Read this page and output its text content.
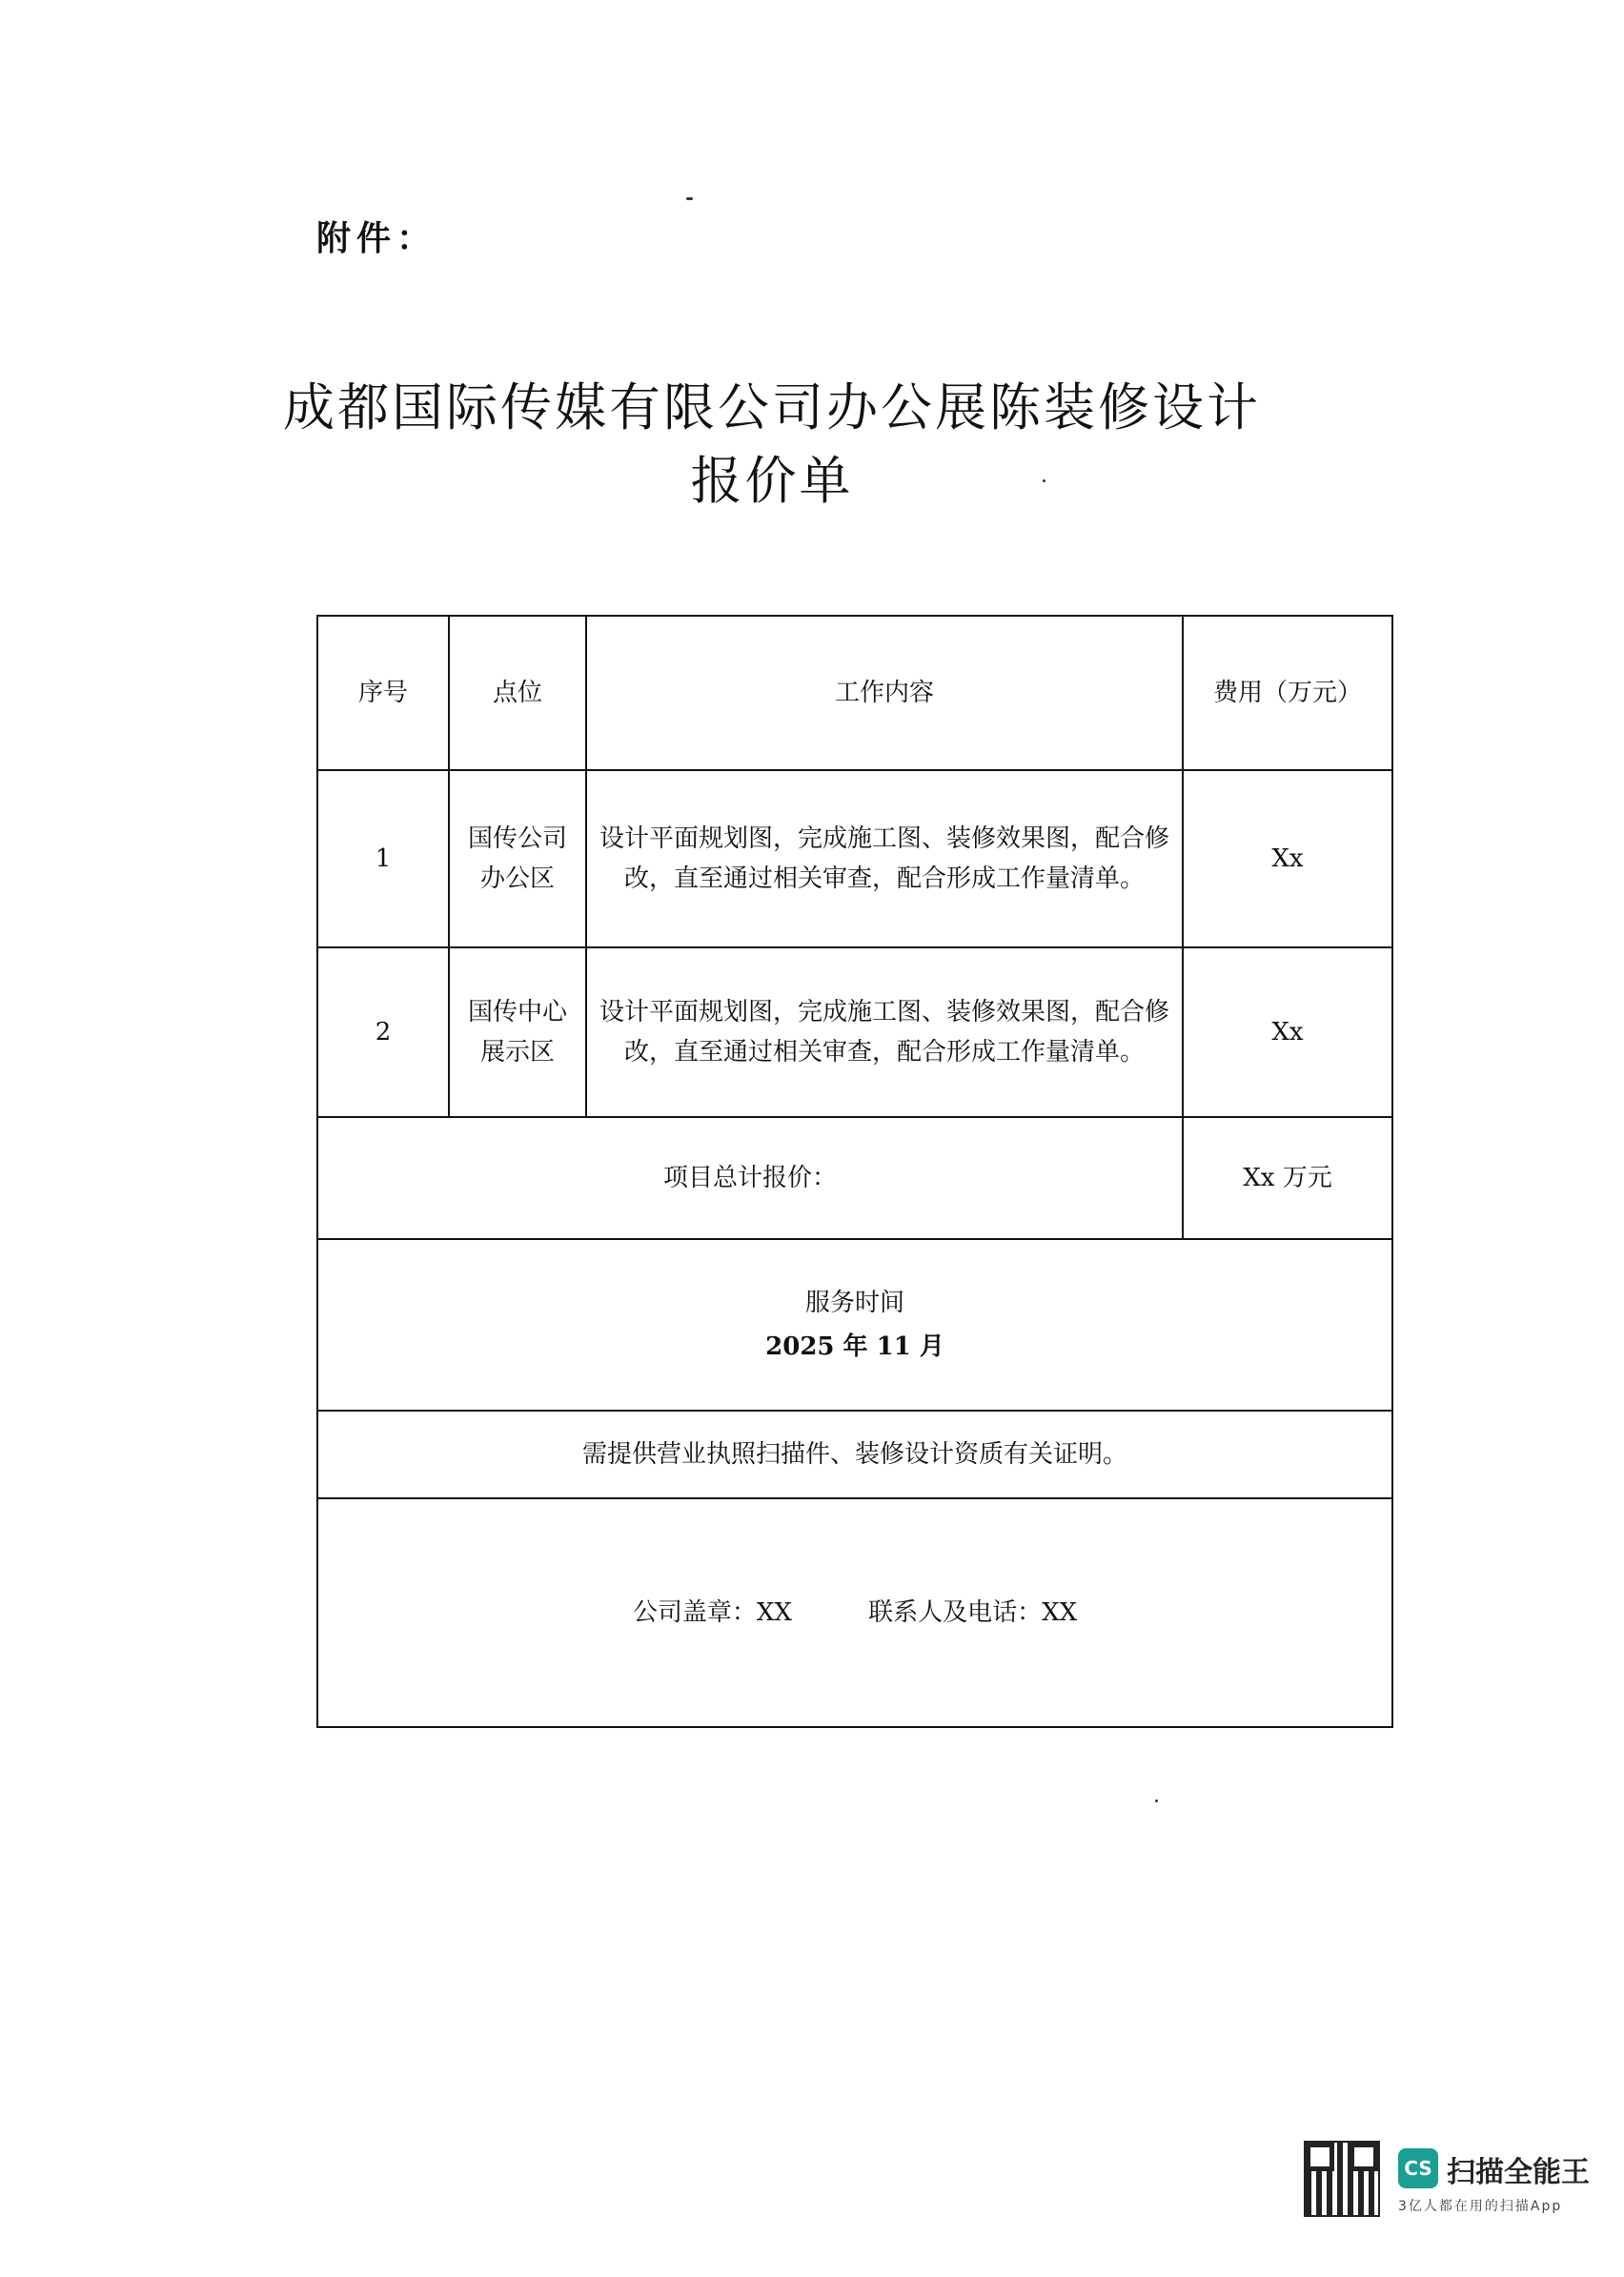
附件：
成都国际传媒有限公司办公展陈装修设计
报价单
序号	点位	工作内容	费用（万元）
1	国传公司办公区	设计平面规划图，完成施工图、装修效果图，配合修改，直至通过相关审查，配合形成工作量清单。	Xx
2	国传中心展示区	设计平面规划图，完成施工图、装修效果图，配合修改，直至通过相关审查，配合形成工作量清单。	Xx
项目总计报价：			Xx 万元

服务时间
2025 年 11 月			

需提供营业执照扫描件、装修设计资质有关证明。			
公司盖章：XX 联系人及电话：XX			
CS 扫描全能王
3亿人都在用的扫描App
